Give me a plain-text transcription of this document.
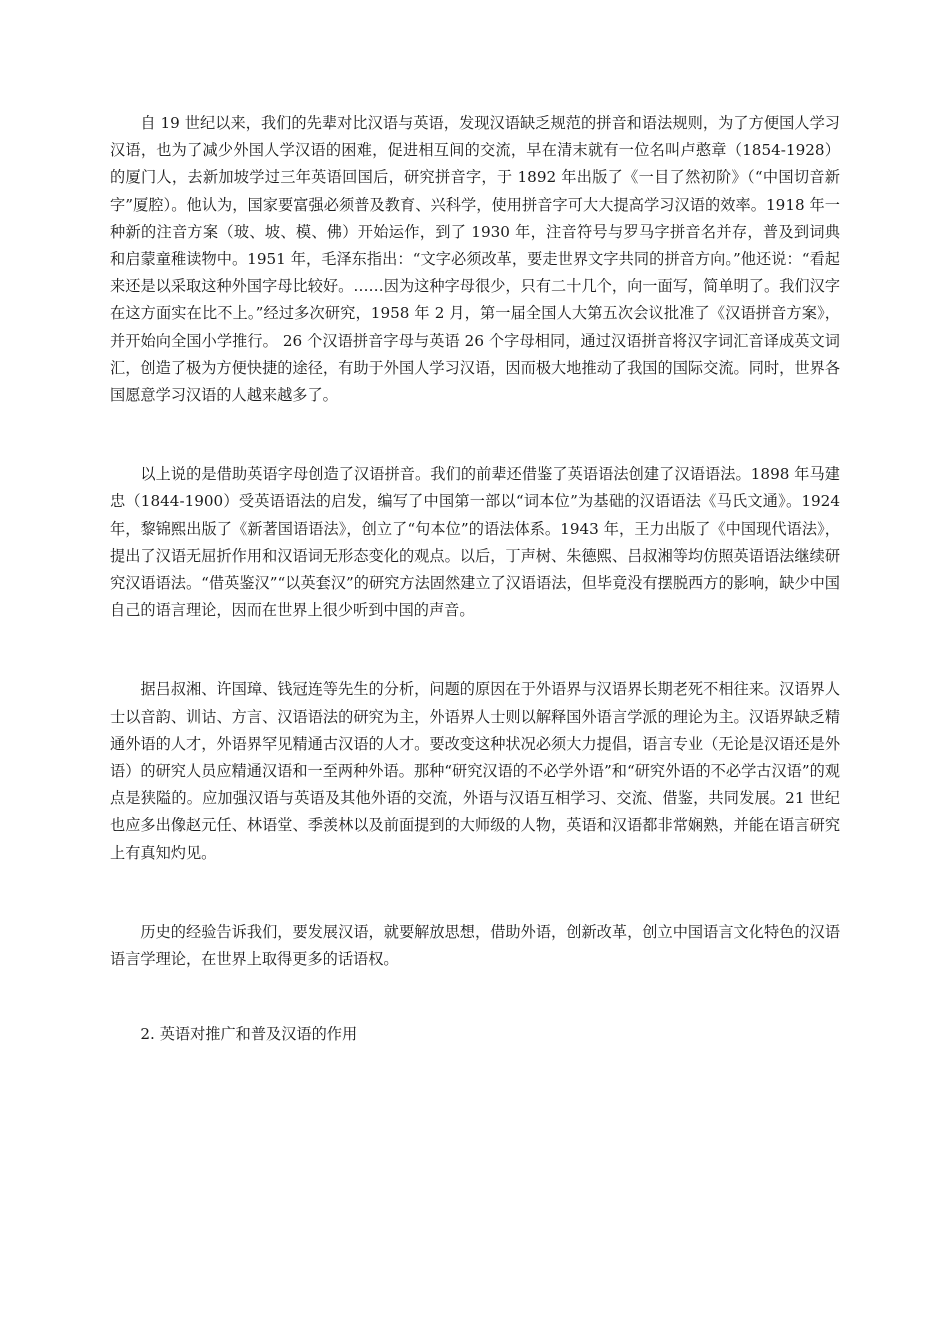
自 19 世纪以来，我们的先辈对比汉语与英语，发现汉语缺乏规范的拼音和语法规则，为了方便国人学习汉语，也为了减少外国人学汉语的困难，促进相互间的交流，早在清末就有一位名叫卢憨章（1854-1928）的厦门人，去新加坡学过三年英语回国后，研究拼音字，于 1892 年出版了《一目了然初阶》（“中国切音新字”厦腔）。他认为，国家要富强必须普及教育、兴科学，使用拼音字可大大提高学习汉语的效率。1918 年一种新的注音方案（玻、坡、模、佛）开始运作，到了 1930 年，注音符号与罗马字拼音名并存，普及到词典和启蒙童稚读物中。1951 年，毛泽东指出：“文字必须改革，要走世界文字共同的拼音方向。”他还说：“看起来还是以采取这种外国字母比较好。……因为这种字母很少，只有二十几个，向一面写，简单明了。我们汉字在这方面实在比不上。”经过多次研究，1958 年 2 月，第一届全国人大第五次会议批准了《汉语拼音方案》，并开始向全国小学推行。 26 个汉语拼音字母与英语 26 个字母相同，通过汉语拼音将汉字词汇音译成英文词汇，创造了极为方便快捷的途径，有助于外国人学习汉语，因而极大地推动了我国的国际交流。同时，世界各国愿意学习汉语的人越来越多了。

以上说的是借助英语字母创造了汉语拼音。我们的前辈还借鉴了英语语法创建了汉语语法。1898 年马建忠（1844-1900）受英语语法的启发，编写了中国第一部以“词本位”为基础的汉语语法《马氏文通》。1924 年，黎锦熙出版了《新著国语语法》，创立了“句本位”的语法体系。1943 年，王力出版了《中国现代语法》，提出了汉语无屈折作用和汉语词无形态变化的观点。以后，丁声树、朱德熙、吕叔湘等均仿照英语语法继续研究汉语语法。“借英鉴汉”“以英套汉”的研究方法固然建立了汉语语法，但毕竟没有摆脱西方的影响，缺少中国自己的语言理论，因而在世界上很少听到中国的声音。

据吕叔湘、许国璋、钱冠连等先生的分析，问题的原因在于外语界与汉语界长期老死不相往来。汉语界人士以音韵、训诂、方言、汉语语法的研究为主，外语界人士则以解释国外语言学派的理论为主。汉语界缺乏精通外语的人才，外语界罕见精通古汉语的人才。要改变这种状况必须大力提倡，语言专业（无论是汉语还是外语）的研究人员应精通汉语和一至两种外语。那种“研究汉语的不必学外语”和“研究外语的不必学古汉语”的观点是狭隘的。应加强汉语与英语及其他外语的交流，外语与汉语互相学习、交流、借鉴，共同发展。21 世纪也应多出像赵元任、林语堂、季羡林以及前面提到的大师级的人物，英语和汉语都非常娴熟，并能在语言研究上有真知灼见。

历史的经验告诉我们，要发展汉语，就要解放思想，借助外语，创新改革，创立中国语言文化特色的汉语语言学理论，在世界上取得更多的话语权。

2. 英语对推广和普及汉语的作用
